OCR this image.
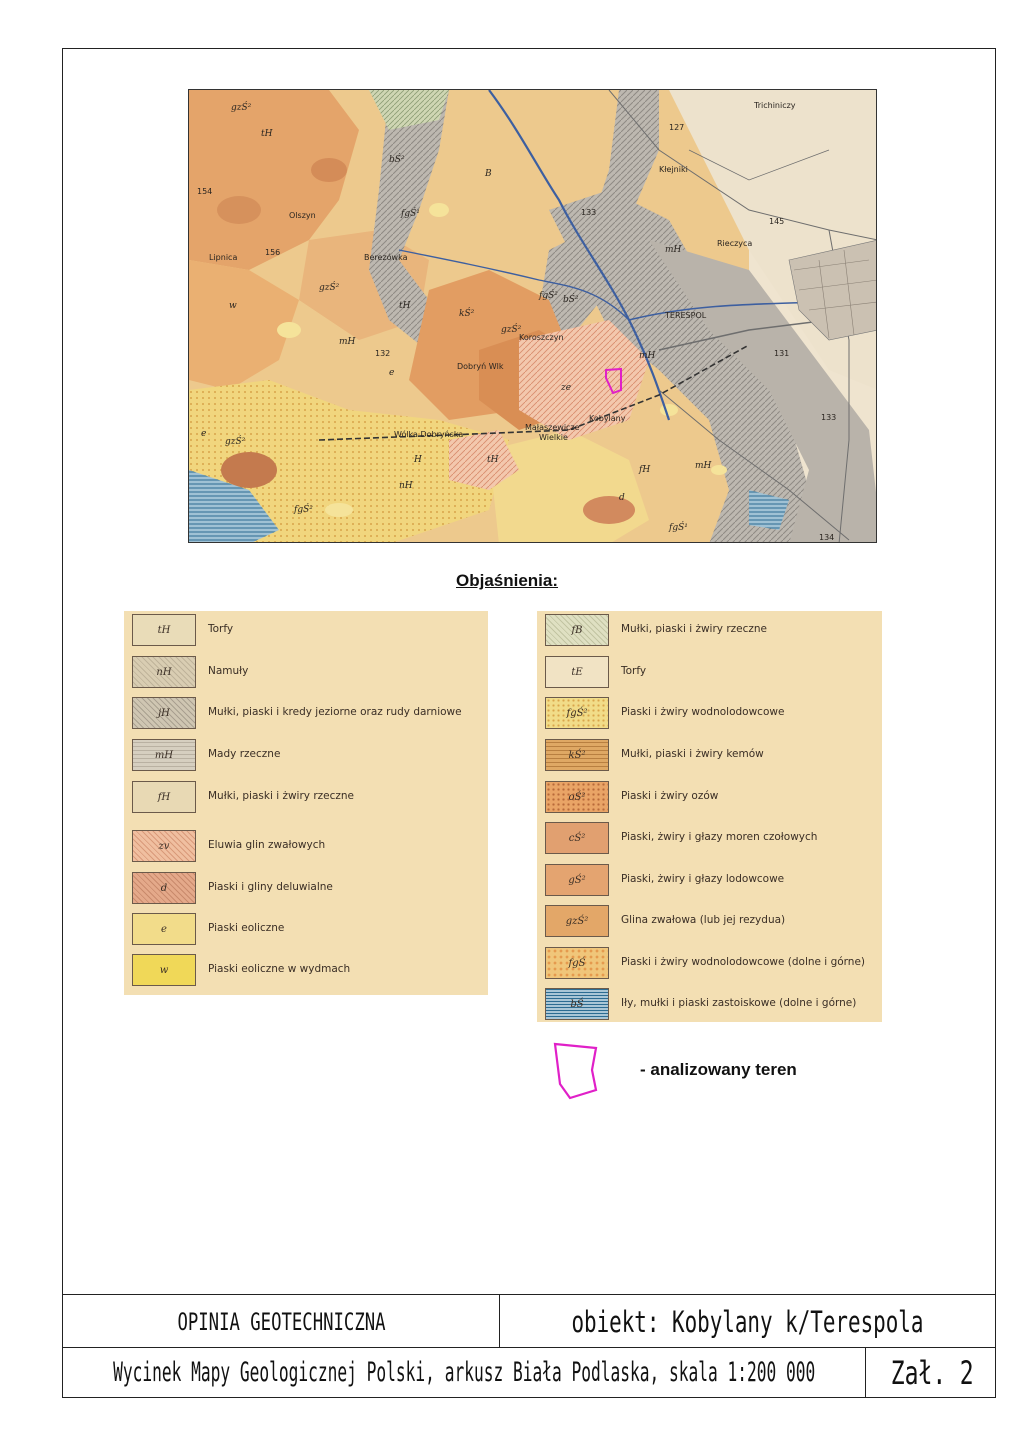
Olszyn
Berezówka
Lipnica
Dobryń Wlk
Wólka Dobryńska
Małaszewicze
Wielkie
Kobylany
Koroszczyn
TERESPOL
Kłejniki
Rieczyca
Trichiniczy
127
133
145
131
133
134
154
156
132
tH
gzŚ²
gzŚ²
gzŚ²
gzŚ²
tH
mH
mH
mH
mH
fgŚ¹
fgŚ²
fgŚ²
kŚ²
bŚ²
bŚ²
ze
fH
H
nH
tH
w
d
e
e
B
fgŚ¹
Objaśnienia:
tH	Torfy
nH	Namuły
jH	Mułki, piaski i kredy jeziorne oraz rudy darniowe
mH	Mady rzeczne
fH	Mułki, piaski i żwiry rzeczne
zv	Eluwia glin zwałowych
d	Piaski i gliny deluwialne
e	Piaski eoliczne
w	Piaski eoliczne w wydmach
fB	Mułki, piaski i żwiry rzeczne
tE	Torfy
fgŚ²	Piaski i żwiry wodnolodowcowe
kŚ²	Mułki, piaski i żwiry kemów
oŚ²	Piaski i żwiry ozów
cŚ²	Piaski, żwiry i głazy moren czołowych
gŚ²	Piaski, żwiry i głazy lodowcowe
gzŚ²	Glina zwałowa (lub jej rezydua)
fgŚ	Piaski i żwiry wodnolodowcowe (dolne i górne)
bŚ	Iły, mułki i piaski zastoiskowe (dolne i górne)
- analizowany teren
OPINIA GEOTECHNICZNA	obiekt: Kobylany k/Terespola
Wycinek Mapy Geologicznej Polski, arkusz Biała Podlaska, skala 1:200 000 Zał. 2
